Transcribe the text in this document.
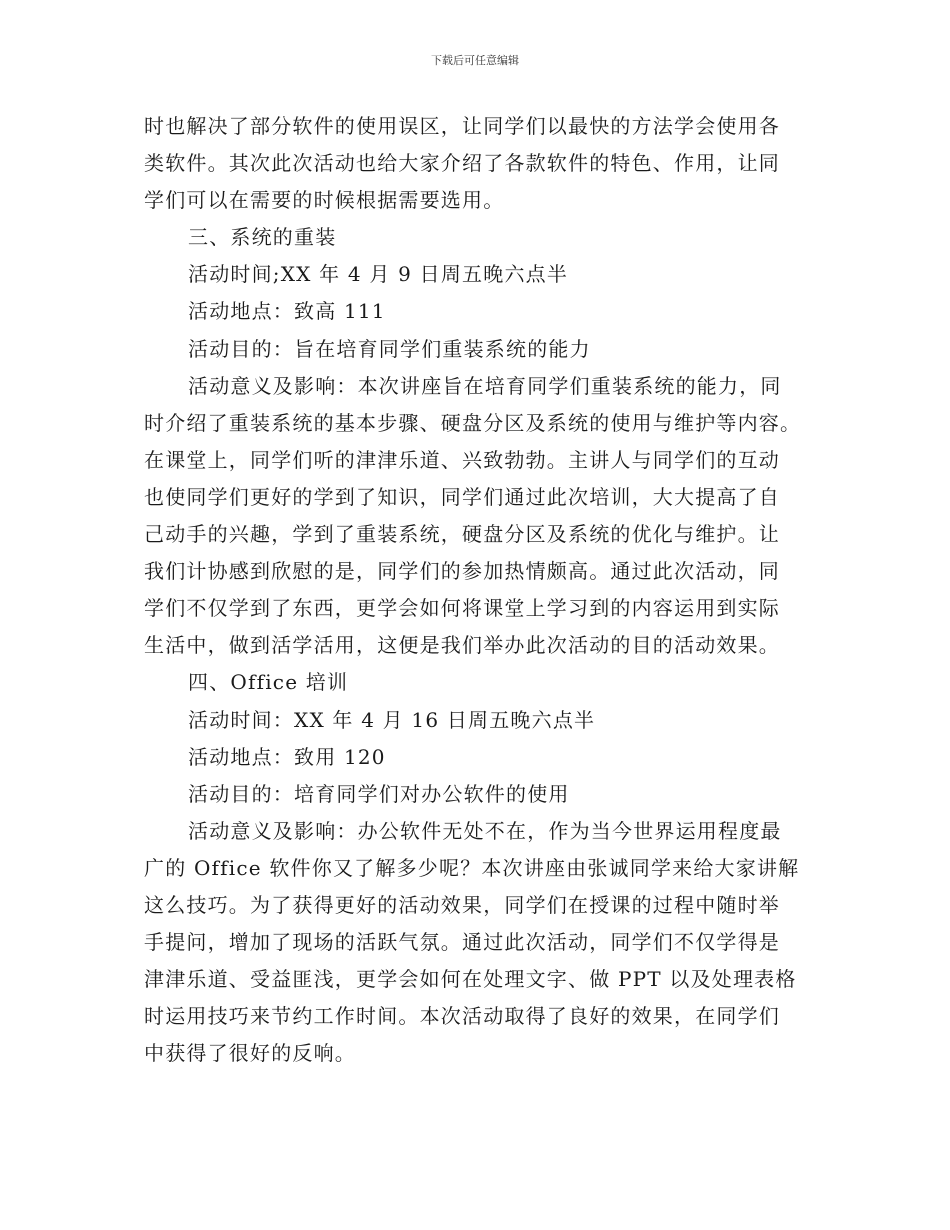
下载后可任意编辑
时也解决了部分软件的使用误区，让同学们以最快的方法学会使用各
类软件。其次此次活动也给大家介绍了各款软件的特色、作用，让同
学们可以在需要的时候根据需要选用。
三、系统的重装
活动时间;XX 年 4 月 9 日周五晚六点半
活动地点：致高 111
活动目的：旨在培育同学们重装系统的能力
活动意义及影响：本次讲座旨在培育同学们重装系统的能力，同
时介绍了重装系统的基本步骤、硬盘分区及系统的使用与维护等内容。
在课堂上，同学们听的津津乐道、兴致勃勃。主讲人与同学们的互动
也使同学们更好的学到了知识，同学们通过此次培训，大大提高了自
己动手的兴趣，学到了重装系统，硬盘分区及系统的优化与维护。让
我们计协感到欣慰的是，同学们的参加热情颇高。通过此次活动，同
学们不仅学到了东西，更学会如何将课堂上学习到的内容运用到实际
生活中，做到活学活用，这便是我们举办此次活动的目的活动效果。
四、Office 培训
活动时间：XX 年 4 月 16 日周五晚六点半
活动地点：致用 120
活动目的：培育同学们对办公软件的使用
活动意义及影响：办公软件无处不在，作为当今世界运用程度最
广的 Office 软件你又了解多少呢？本次讲座由张诚同学来给大家讲解
这么技巧。为了获得更好的活动效果，同学们在授课的过程中随时举
手提问，增加了现场的活跃气氛。通过此次活动，同学们不仅学得是
津津乐道、受益匪浅，更学会如何在处理文字、做 PPT 以及处理表格
时运用技巧来节约工作时间。本次活动取得了良好的效果，在同学们
中获得了很好的反响。
